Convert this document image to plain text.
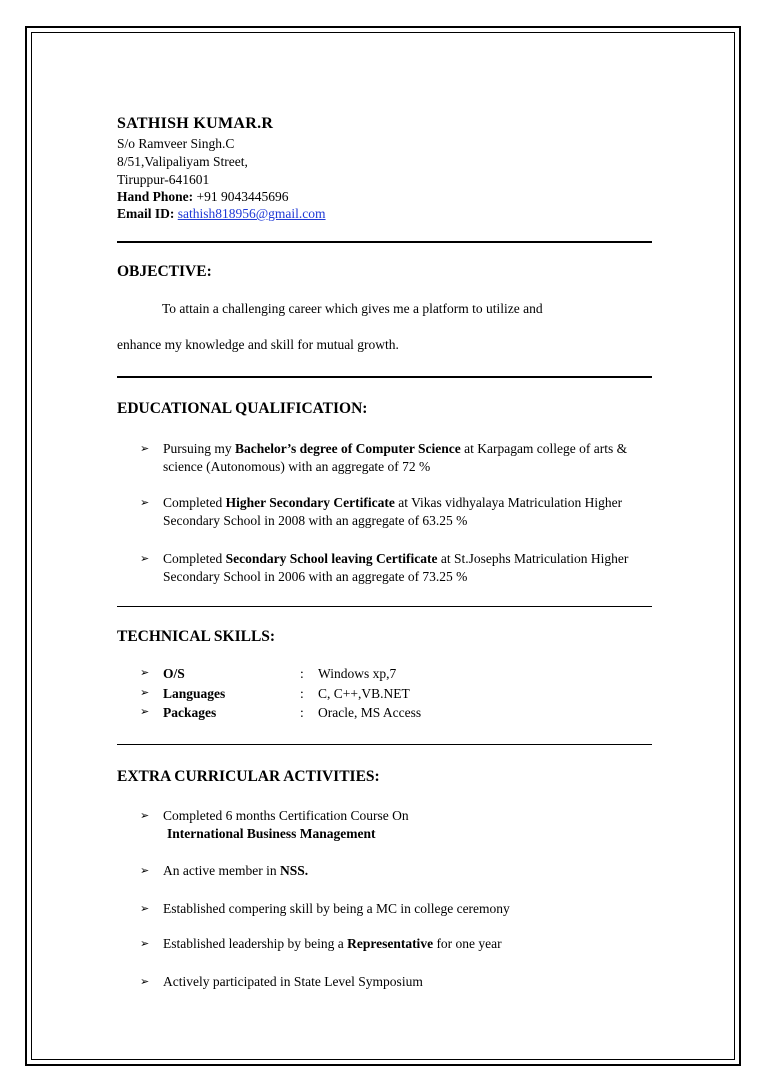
SATHISH KUMAR.R
S/o Ramveer Singh.C
8/51,Valipaliyam Street,
Tiruppur-641601
Hand Phone: +91 9043445696
Email ID: sathish818956@gmail.com
OBJECTIVE:
To attain a challenging career which gives me a platform to utilize and
enhance my knowledge and skill for mutual growth.
EDUCATIONAL QUALIFICATION:
➢	Pursuing my Bachelor’s degree of Computer Science at Karpagam college of arts & science (Autonomous) with an aggregate of 72 %
➢	Completed Higher Secondary Certificate at Vikas vidhyalaya Matriculation Higher Secondary School in 2008 with an aggregate of 63.25 %
➢	Completed Secondary School leaving Certificate at St.Josephs Matriculation Higher Secondary School in 2006 with an aggregate of 73.25 %
TECHNICAL SKILLS:
➢	O/S	: Windows xp,7
➢	Languages	: C, C++,VB.NET
➢	Packages	: Oracle, MS Access
EXTRA CURRICULAR ACTIVITIES:
➢	Completed 6 months Certification Course On
International Business Management
➢	An active member in NSS.
➢	Established compering skill by being a MC in college ceremony
➢	Established leadership by being a Representative for one year
➢	Actively participated in State Level Symposium
